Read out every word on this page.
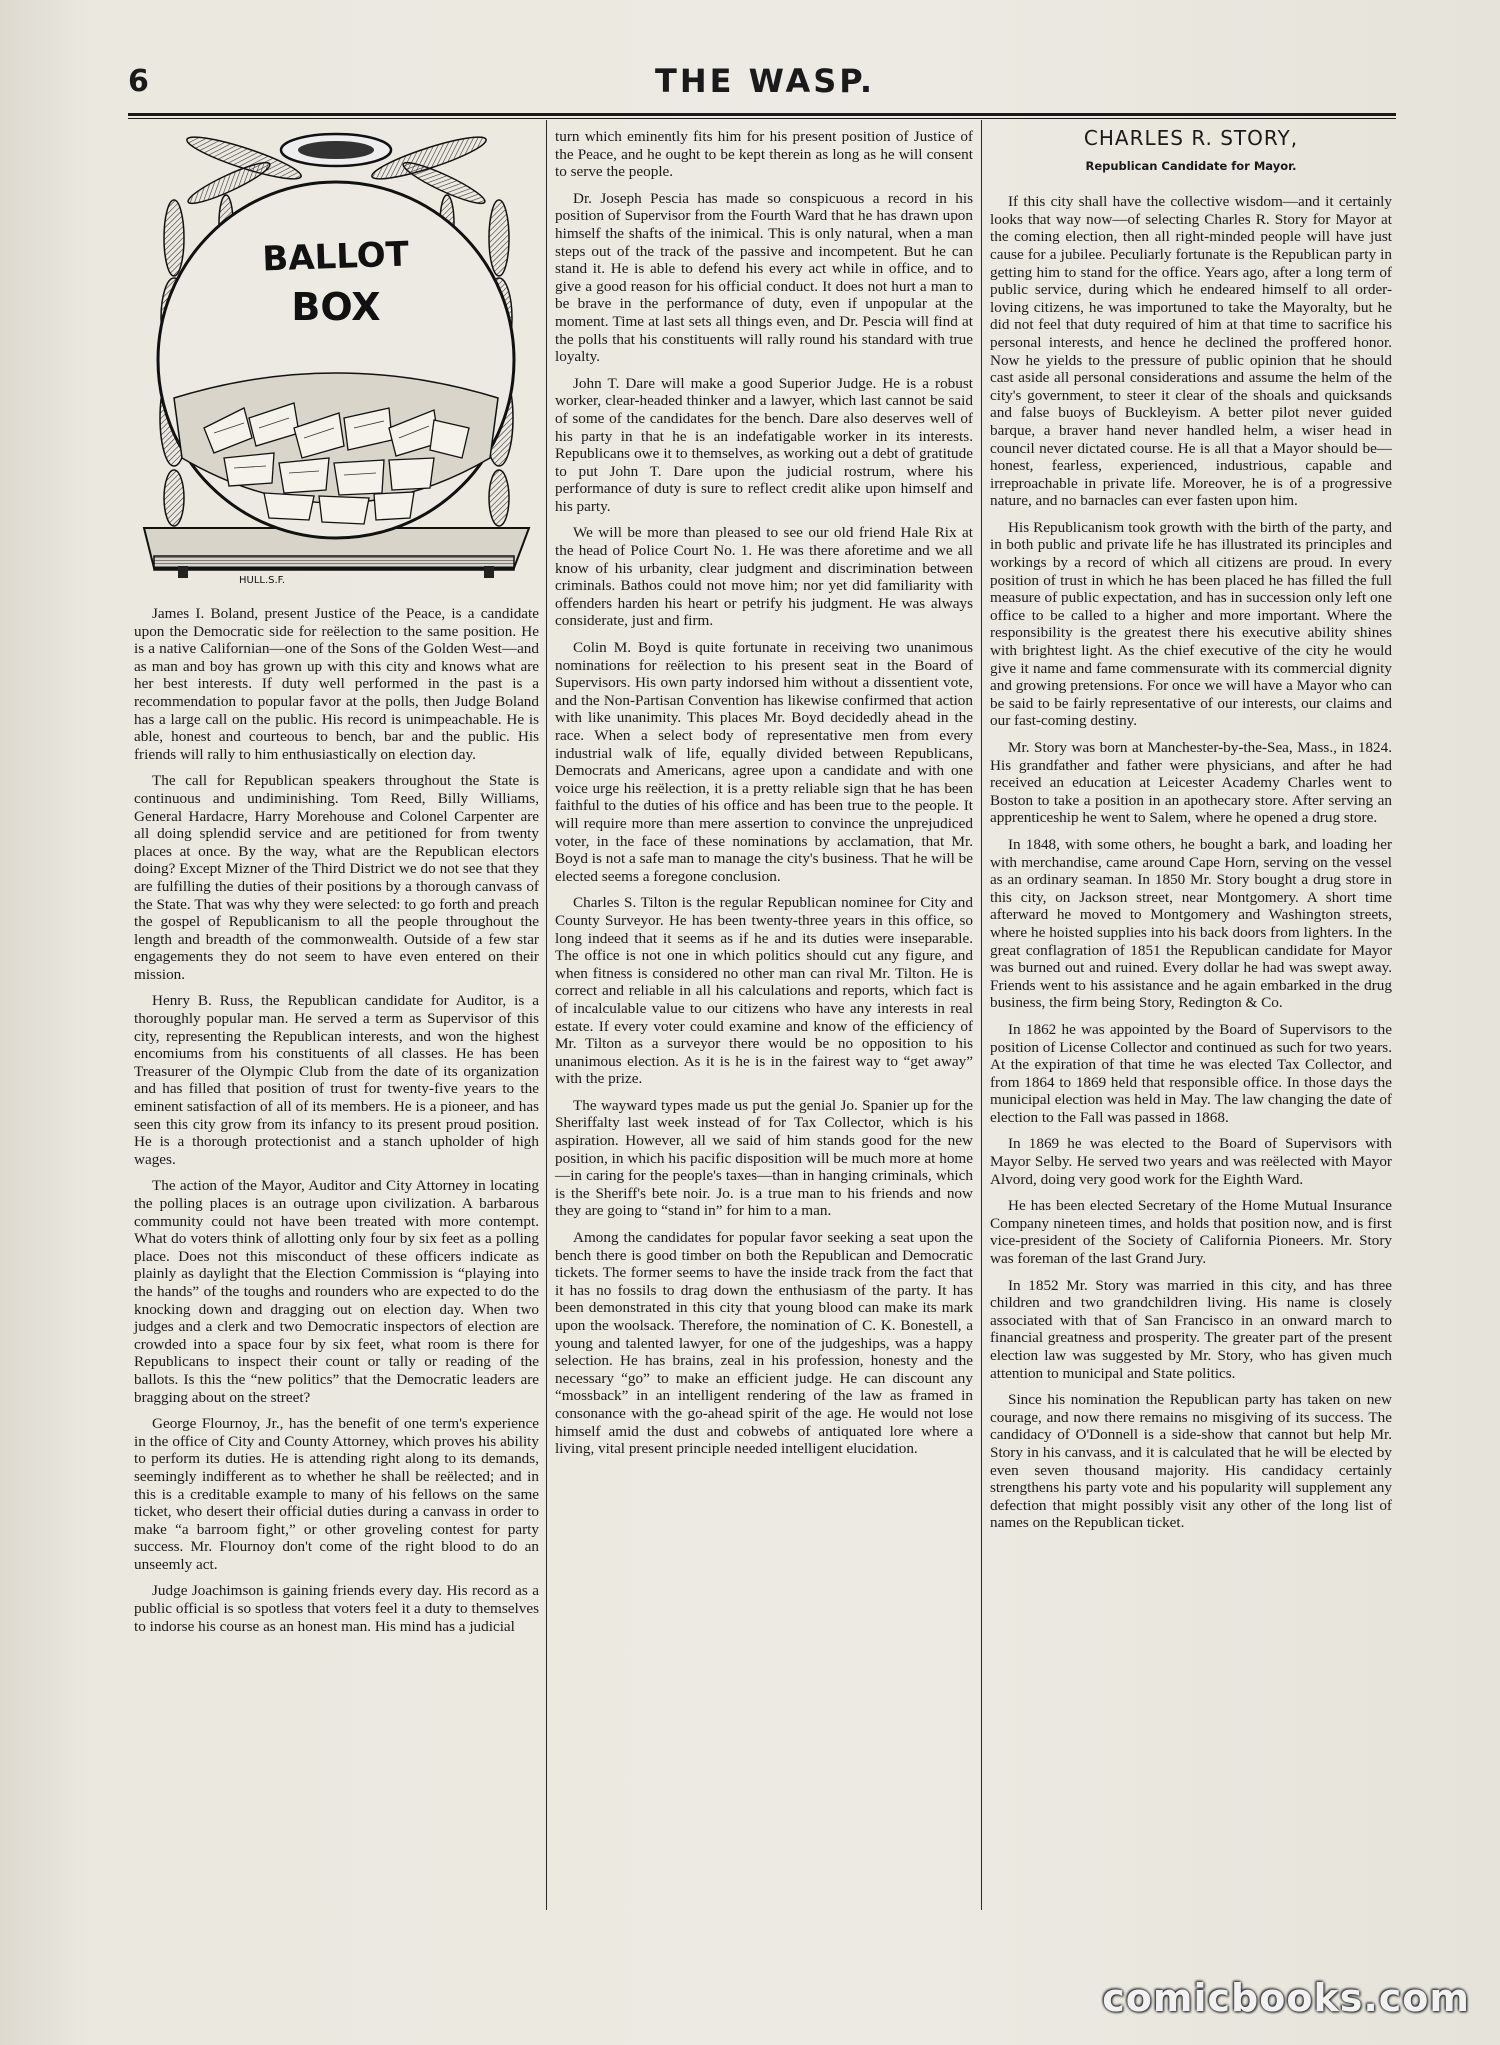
6	THE WASP.
BALLOT
BOX
HULL.S.F.

James I. Boland, present Justice of the Peace, is a candidate upon the Democratic side for reëlection to the same position. He is a native Californian—one of the Sons of the Golden West—and as man and boy has grown up with this city and knows what are her best interests. If duty well performed in the past is a recommendation to popular favor at the polls, then Judge Boland has a large call on the public. His record is unimpeachable. He is able, honest and courteous to bench, bar and the public. His friends will rally to him enthusiastically on election day.

The call for Republican speakers throughout the State is continuous and undiminishing. Tom Reed, Billy Williams, General Hardacre, Harry Morehouse and Colonel Carpenter are all doing splendid service and are petitioned for from twenty places at once. By the way, what are the Republican electors doing? Except Mizner of the Third District we do not see that they are fulfilling the duties of their positions by a thorough canvass of the State. That was why they were selected: to go forth and preach the gospel of Republicanism to all the people throughout the length and breadth of the commonwealth. Outside of a few star engagements they do not seem to have even entered on their mission.

Henry B. Russ, the Republican candidate for Auditor, is a thoroughly popular man. He served a term as Supervisor of this city, representing the Republican interests, and won the highest encomiums from his constituents of all classes. He has been Treasurer of the Olympic Club from the date of its organization and has filled that position of trust for twenty-five years to the eminent satisfaction of all of its members. He is a pioneer, and has seen this city grow from its infancy to its present proud position. He is a thorough protectionist and a stanch upholder of high wages.

The action of the Mayor, Auditor and City Attorney in locating the polling places is an outrage upon civilization. A barbarous community could not have been treated with more contempt. What do voters think of allotting only four by six feet as a polling place. Does not this misconduct of these officers indicate as plainly as daylight that the Election Commission is “playing into the hands” of the toughs and rounders who are expected to do the knocking down and dragging out on election day. When two judges and a clerk and two Democratic inspectors of election are crowded into a space four by six feet, what room is there for Republicans to inspect their count or tally or reading of the ballots. Is this the “new politics” that the Democratic leaders are bragging about on the street?

George Flournoy, Jr., has the benefit of one term's experience in the office of City and County Attorney, which proves his ability to perform its duties. He is attending right along to its demands, seemingly indifferent as to whether he shall be reëlected; and in this is a creditable example to many of his fellows on the same ticket, who desert their official duties during a canvass in order to make “a barroom fight,” or other groveling contest for party success. Mr. Flournoy don't come of the right blood to do an unseemly act.

Judge Joachimson is gaining friends every day. His record as a public official is so spotless that voters feel it a duty to themselves to indorse his course as an honest man. His mind has a judicial

turn which eminently fits him for his present position of Justice of the Peace, and he ought to be kept therein as long as he will consent to serve the people.

Dr. Joseph Pescia has made so conspicuous a record in his position of Supervisor from the Fourth Ward that he has drawn upon himself the shafts of the inimical. This is only natural, when a man steps out of the track of the passive and incompetent. But he can stand it. He is able to defend his every act while in office, and to give a good reason for his official conduct. It does not hurt a man to be brave in the performance of duty, even if unpopular at the moment. Time at last sets all things even, and Dr. Pescia will find at the polls that his constituents will rally round his standard with true loyalty.

John T. Dare will make a good Superior Judge. He is a robust worker, clear-headed thinker and a lawyer, which last cannot be said of some of the candidates for the bench. Dare also deserves well of his party in that he is an indefatigable worker in its interests. Republicans owe it to themselves, as working out a debt of gratitude to put John T. Dare upon the judicial rostrum, where his performance of duty is sure to reflect credit alike upon himself and his party.

We will be more than pleased to see our old friend Hale Rix at the head of Police Court No. 1. He was there aforetime and we all know of his urbanity, clear judgment and discrimination between criminals. Bathos could not move him; nor yet did familiarity with offenders harden his heart or petrify his judgment. He was always considerate, just and firm.

Colin M. Boyd is quite fortunate in receiving two unanimous nominations for reëlection to his present seat in the Board of Supervisors. His own party indorsed him without a dissentient vote, and the Non-Partisan Convention has likewise confirmed that action with like unanimity. This places Mr. Boyd decidedly ahead in the race. When a select body of representative men from every industrial walk of life, equally divided between Republicans, Democrats and Americans, agree upon a candidate and with one voice urge his reëlection, it is a pretty reliable sign that he has been faithful to the duties of his office and has been true to the people. It will require more than mere assertion to convince the unprejudiced voter, in the face of these nominations by acclamation, that Mr. Boyd is not a safe man to manage the city's business. That he will be elected seems a foregone conclusion.

Charles S. Tilton is the regular Republican nominee for City and County Surveyor. He has been twenty-three years in this office, so long indeed that it seems as if he and its duties were inseparable. The office is not one in which politics should cut any figure, and when fitness is considered no other man can rival Mr. Tilton. He is correct and reliable in all his calculations and reports, which fact is of incalculable value to our citizens who have any interests in real estate. If every voter could examine and know of the efficiency of Mr. Tilton as a surveyor there would be no opposition to his unanimous election. As it is he is in the fairest way to “get away” with the prize.

The wayward types made us put the genial Jo. Spanier up for the Sheriffalty last week instead of for Tax Collector, which is his aspiration. However, all we said of him stands good for the new position, in which his pacific disposition will be much more at home—in caring for the people's taxes—than in hanging criminals, which is the Sheriff's bete noir. Jo. is a true man to his friends and now they are going to “stand in” for him to a man.

Among the candidates for popular favor seeking a seat upon the bench there is good timber on both the Republican and Democratic tickets. The former seems to have the inside track from the fact that it has no fossils to drag down the enthusiasm of the party. It has been demonstrated in this city that young blood can make its mark upon the woolsack. Therefore, the nomination of C. K. Bonestell, a young and talented lawyer, for one of the judgeships, was a happy selection. He has brains, zeal in his profession, honesty and the necessary “go” to make an efficient judge. He can discount any “mossback” in an intelligent rendering of the law as framed in consonance with the go-ahead spirit of the age. He would not lose himself amid the dust and cobwebs of antiquated lore where a living, vital present principle needed intelligent elucidation.

CHARLES R. STORY,
Republican Candidate for Mayor.

If this city shall have the collective wisdom—and it certainly looks that way now—of selecting Charles R. Story for Mayor at the coming election, then all right-minded people will have just cause for a jubilee. Peculiarly fortunate is the Republican party in getting him to stand for the office. Years ago, after a long term of public service, during which he endeared himself to all order-loving citizens, he was importuned to take the Mayoralty, but he did not feel that duty required of him at that time to sacrifice his personal interests, and hence he declined the proffered honor. Now he yields to the pressure of public opinion that he should cast aside all personal considerations and assume the helm of the city's government, to steer it clear of the shoals and quicksands and false buoys of Buckleyism. A better pilot never guided barque, a braver hand never handled helm, a wiser head in council never dictated course. He is all that a Mayor should be—honest, fearless, experienced, industrious, capable and irreproachable in private life. Moreover, he is of a progressive nature, and no barnacles can ever fasten upon him.

His Republicanism took growth with the birth of the party, and in both public and private life he has illustrated its principles and workings by a record of which all citizens are proud. In every position of trust in which he has been placed he has filled the full measure of public expectation, and has in succession only left one office to be called to a higher and more important. Where the responsibility is the greatest there his executive ability shines with brightest light. As the chief executive of the city he would give it name and fame commensurate with its commercial dignity and growing pretensions. For once we will have a Mayor who can be said to be fairly representative of our interests, our claims and our fast-coming destiny.

Mr. Story was born at Manchester-by-the-Sea, Mass., in 1824. His grandfather and father were physicians, and after he had received an education at Leicester Academy Charles went to Boston to take a position in an apothecary store. After serving an apprenticeship he went to Salem, where he opened a drug store.

In 1848, with some others, he bought a bark, and loading her with merchandise, came around Cape Horn, serving on the vessel as an ordinary seaman. In 1850 Mr. Story bought a drug store in this city, on Jackson street, near Montgomery. A short time afterward he moved to Montgomery and Washington streets, where he hoisted supplies into his back doors from lighters. In the great conflagration of 1851 the Republican candidate for Mayor was burned out and ruined. Every dollar he had was swept away. Friends went to his assistance and he again embarked in the drug business, the firm being Story, Redington & Co.

In 1862 he was appointed by the Board of Supervisors to the position of License Collector and continued as such for two years. At the expiration of that time he was elected Tax Collector, and from 1864 to 1869 held that responsible office. In those days the municipal election was held in May. The law changing the date of election to the Fall was passed in 1868.

In 1869 he was elected to the Board of Supervisors with Mayor Selby. He served two years and was reëlected with Mayor Alvord, doing very good work for the Eighth Ward.

He has been elected Secretary of the Home Mutual Insurance Company nineteen times, and holds that position now, and is first vice-president of the Society of California Pioneers. Mr. Story was foreman of the last Grand Jury.

In 1852 Mr. Story was married in this city, and has three children and two grandchildren living. His name is closely associated with that of San Francisco in an onward march to financial greatness and prosperity. The greater part of the present election law was suggested by Mr. Story, who has given much attention to municipal and State politics.

Since his nomination the Republican party has taken on new courage, and now there remains no misgiving of its success. The candidacy of O'Donnell is a side-show that cannot but help Mr. Story in his canvass, and it is calculated that he will be elected by even seven thousand majority. His candidacy certainly strengthens his party vote and his popularity will supplement any defection that might possibly visit any other of the long list of names on the Republican ticket.

comicbooks.com
